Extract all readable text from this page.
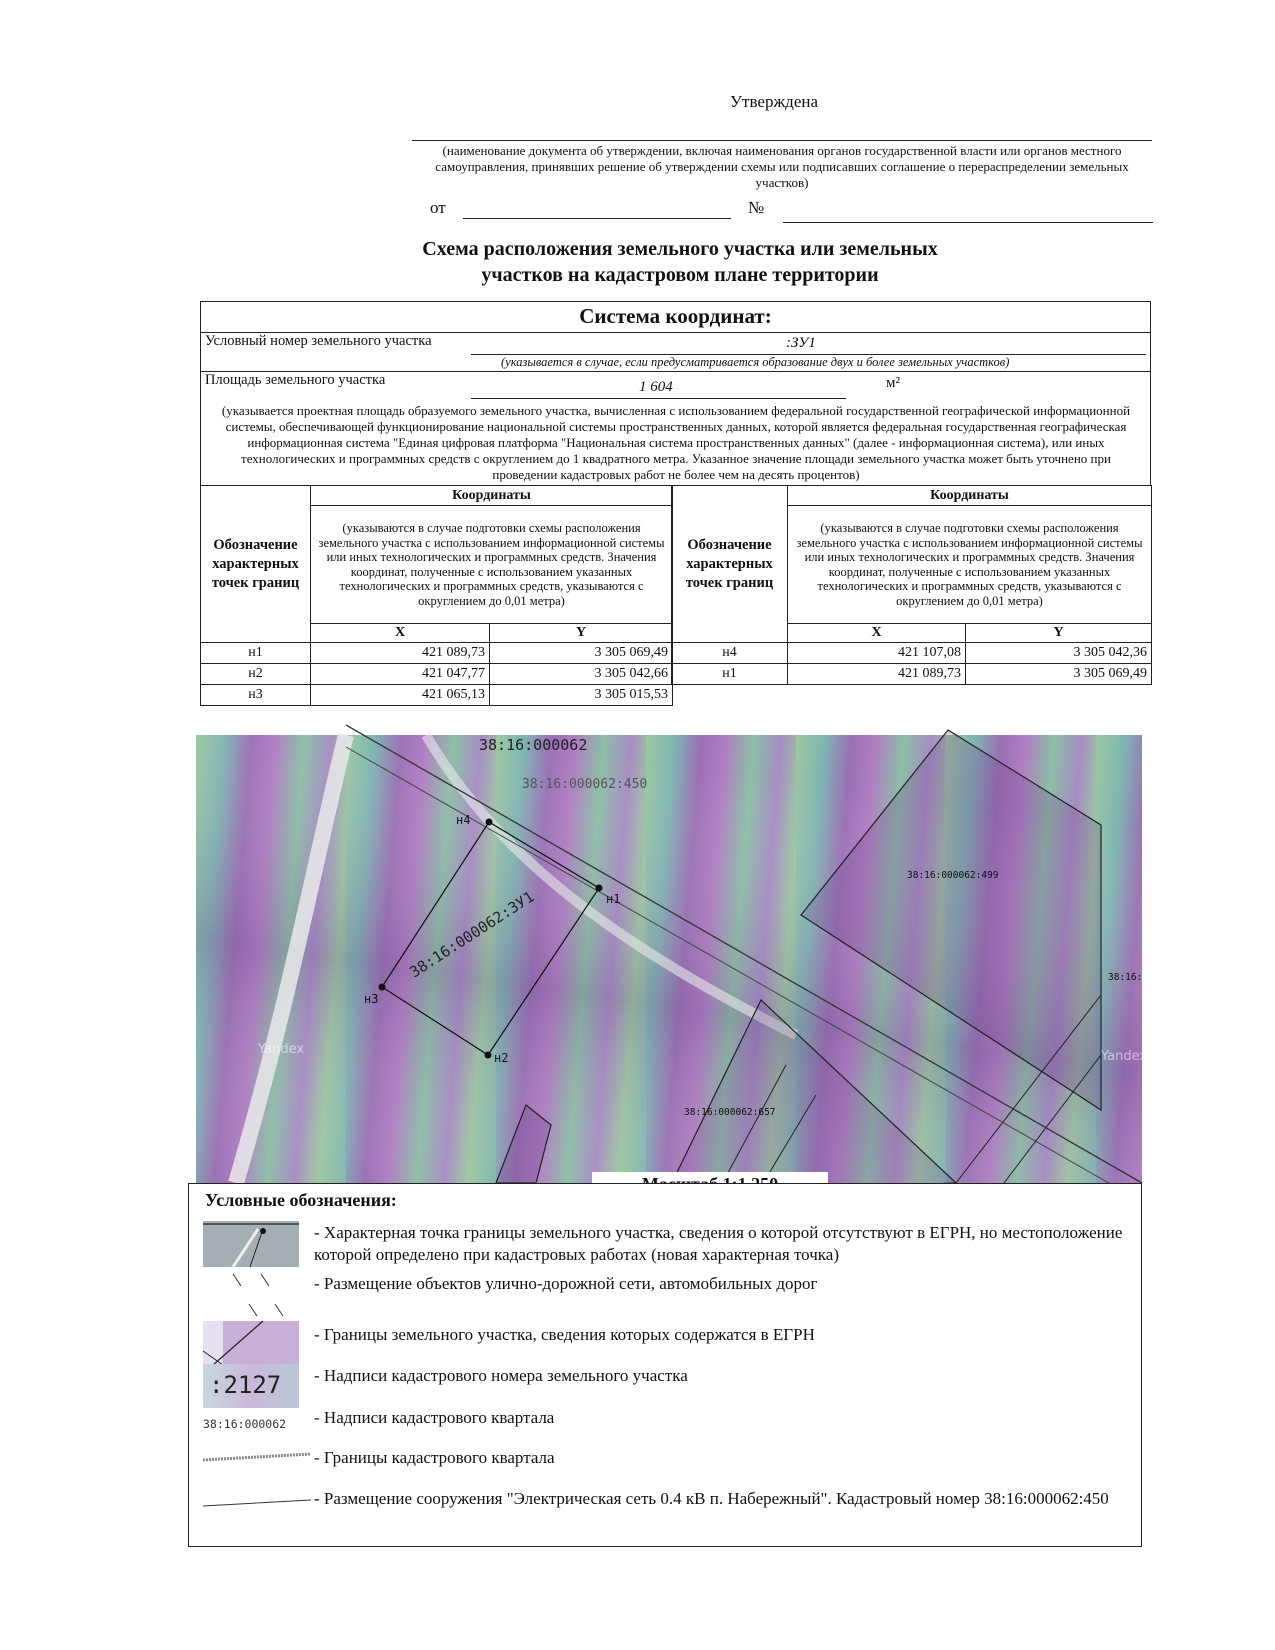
Утверждена
(наименование документа об утверждении, включая наименования органов государственной власти или органов местного самоуправления, принявших решение об утверждении схемы или подписавших соглашение о перераспределении земельных участков)
от	№
Схема расположения земельного участка или земельных
участков на кадастровом плане территории
Система координат:
Условный номер земельного участка	:ЗУ1
(указывается в случае, если предусматривается образование двух и более земельных участков)
Площадь земельного участка	1 604	м²
(указывается проектная площадь образуемого земельного участка, вычисленная с использованием федеральной государственной географической информационной системы, обеспечивающей функционирование национальной системы пространственных данных, которой является федеральная государственная географическая информационная система "Единая цифровая платформа "Национальная система пространственных данных" (далее - информационная система), или иных технологических и программных средств с округлением до 1 квадратного метра. Указанное значение площади земельного участка может быть уточнено при проведении кадастровых работ не более чем на десять процентов)
Обозначение характерных точек границ	Координаты	
	(указываются в случае подготовки схемы расположения земельного участка с использованием информационной системы или иных технологических и программных средств. Значения координат, полученные с использованием указанных технологических и программных средств, указываются с округлением до 0,01 метра)	
	X	Y
н1	421 089,73	3 305 069,49
н2	421 047,77	3 305 042,66
н3	421 065,13	3 305 015,53
Обозначение характерных точек границ	Координаты	
	(указываются в случае подготовки схемы расположения земельного участка с использованием информационной системы или иных технологических и программных средств. Значения координат, полученные с использованием указанных технологических и программных средств, указываются с округлением до 0,01 метра)	
	X	Y
н4	421 107,08	3 305 042,36
н1	421 089,73	3 305 069,49
н4
н1
н2
н3
38:16:000062
38:16:000062:450
38:16:000062:ЗУ1
38:16:000062:499
38:16:
38:16:000062:657
Yandex	Yandex
Условные обозначения:
- Характерная точка границы земельного участка, сведения о которой отсутствуют в ЕГРН, но местоположение которой определено при кадастровых работах (новая характерная точка)
- Размещение объектов улично-дорожной сети, автомобильных дорог
- Границы земельного участка, сведения которых содержатся в ЕГРН
:2127 - Надписи кадастрового номера земельного участка
38:16:000062 - Надписи кадастрового квартала
- Границы кадастрового квартала
- Размещение сооружения "Электрическая сеть 0.4 кВ п. Набережный". Кадастровый номер 38:16:000062:450
